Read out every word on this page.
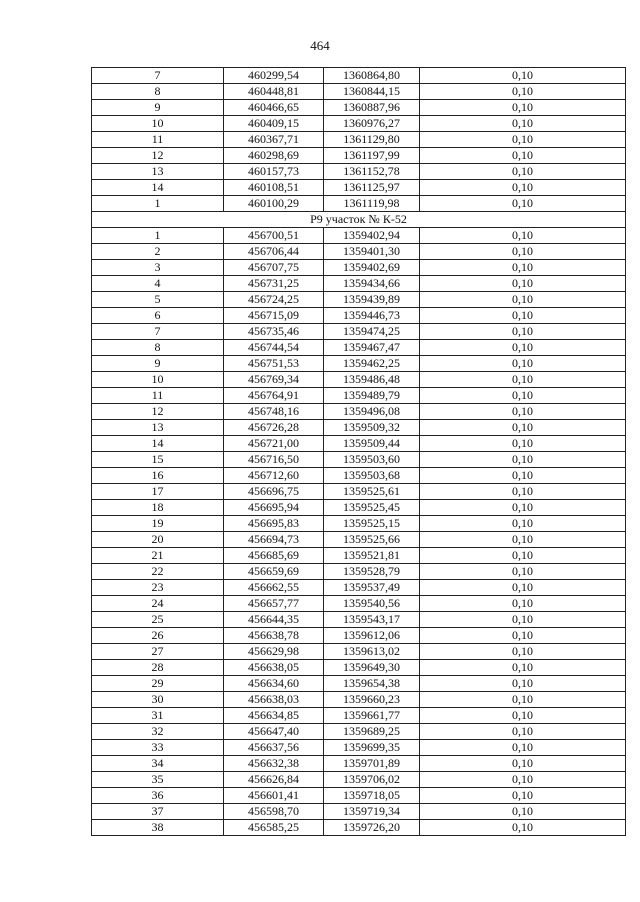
464
7	460299,54	1360864,80	0,10
8	460448,81	1360844,15	0,10
9	460466,65	1360887,96	0,10
10	460409,15	1360976,27	0,10
11	460367,71	1361129,80	0,10
12	460298,69	1361197,99	0,10
13	460157,73	1361152,78	0,10
14	460108,51	1361125,97	0,10
1	460100,29	1361119,98	0,10
Р9 участок № К-52			
1	456700,51	1359402,94	0,10
2	456706,44	1359401,30	0,10
3	456707,75	1359402,69	0,10
4	456731,25	1359434,66	0,10
5	456724,25	1359439,89	0,10
6	456715,09	1359446,73	0,10
7	456735,46	1359474,25	0,10
8	456744,54	1359467,47	0,10
9	456751,53	1359462,25	0,10
10	456769,34	1359486,48	0,10
11	456764,91	1359489,79	0,10
12	456748,16	1359496,08	0,10
13	456726,28	1359509,32	0,10
14	456721,00	1359509,44	0,10
15	456716,50	1359503,60	0,10
16	456712,60	1359503,68	0,10
17	456696,75	1359525,61	0,10
18	456695,94	1359525,45	0,10
19	456695,83	1359525,15	0,10
20	456694,73	1359525,66	0,10
21	456685,69	1359521,81	0,10
22	456659,69	1359528,79	0,10
23	456662,55	1359537,49	0,10
24	456657,77	1359540,56	0,10
25	456644,35	1359543,17	0,10
26	456638,78	1359612,06	0,10
27	456629,98	1359613,02	0,10
28	456638,05	1359649,30	0,10
29	456634,60	1359654,38	0,10
30	456638,03	1359660,23	0,10
31	456634,85	1359661,77	0,10
32	456647,40	1359689,25	0,10
33	456637,56	1359699,35	0,10
34	456632,38	1359701,89	0,10
35	456626,84	1359706,02	0,10
36	456601,41	1359718,05	0,10
37	456598,70	1359719,34	0,10
38	456585,25	1359726,20	0,10
